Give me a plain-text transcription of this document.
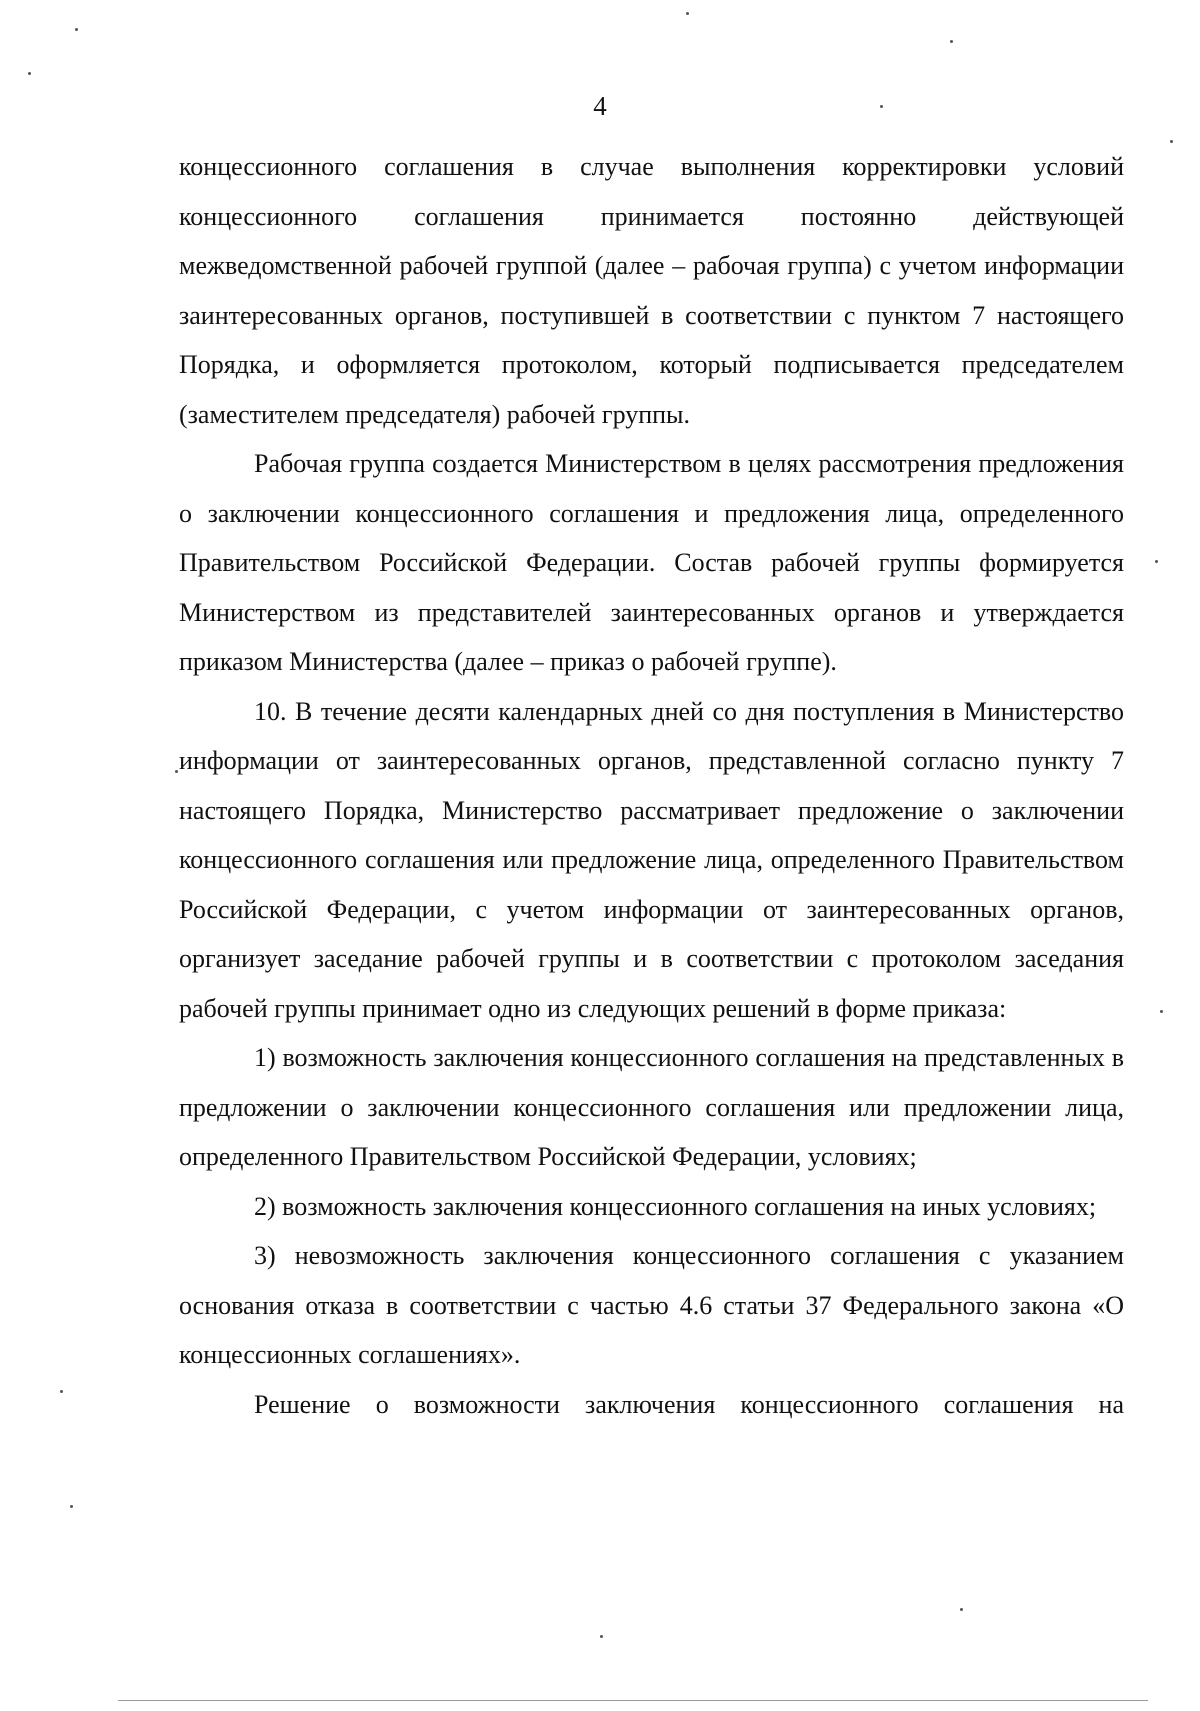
4

концессионного соглашения в случае выполнения корректировки условий концессионного соглашения принимается постоянно действующей межведомственной рабочей группой (далее – рабочая группа) с учетом информации заинтересованных органов, поступившей в соответствии с пунктом 7 настоящего Порядка, и оформляется протоколом, который подписывается председателем (заместителем председателя) рабочей группы.

Рабочая группа создается Министерством в целях рассмотрения предложения о заключении концессионного соглашения и предложения лица, определенного Правительством Российской Федерации. Состав рабочей группы формируется Министерством из представителей заинтересованных органов и утверждается приказом Министерства (далее – приказ о рабочей группе).

10. В течение десяти календарных дней со дня поступления в Министерство информации от заинтересованных органов, представленной согласно пункту 7 настоящего Порядка, Министерство рассматривает предложение о заключении концессионного соглашения или предложение лица, определенного Правительством Российской Федерации, с учетом информации от заинтересованных органов, организует заседание рабочей группы и в соответствии с протоколом заседания рабочей группы принимает одно из следующих решений в форме приказа:

1) возможность заключения концессионного соглашения на представленных в предложении о заключении концессионного соглашения или предложении лица, определенного Правительством Российской Федерации, условиях;

2) возможность заключения концессионного соглашения на иных условиях;

3) невозможность заключения концессионного соглашения с указанием основания отказа в соответствии с частью 4.6 статьи 37 Федерального закона «О концессионных соглашениях».

Решение о возможности заключения концессионного соглашения на
